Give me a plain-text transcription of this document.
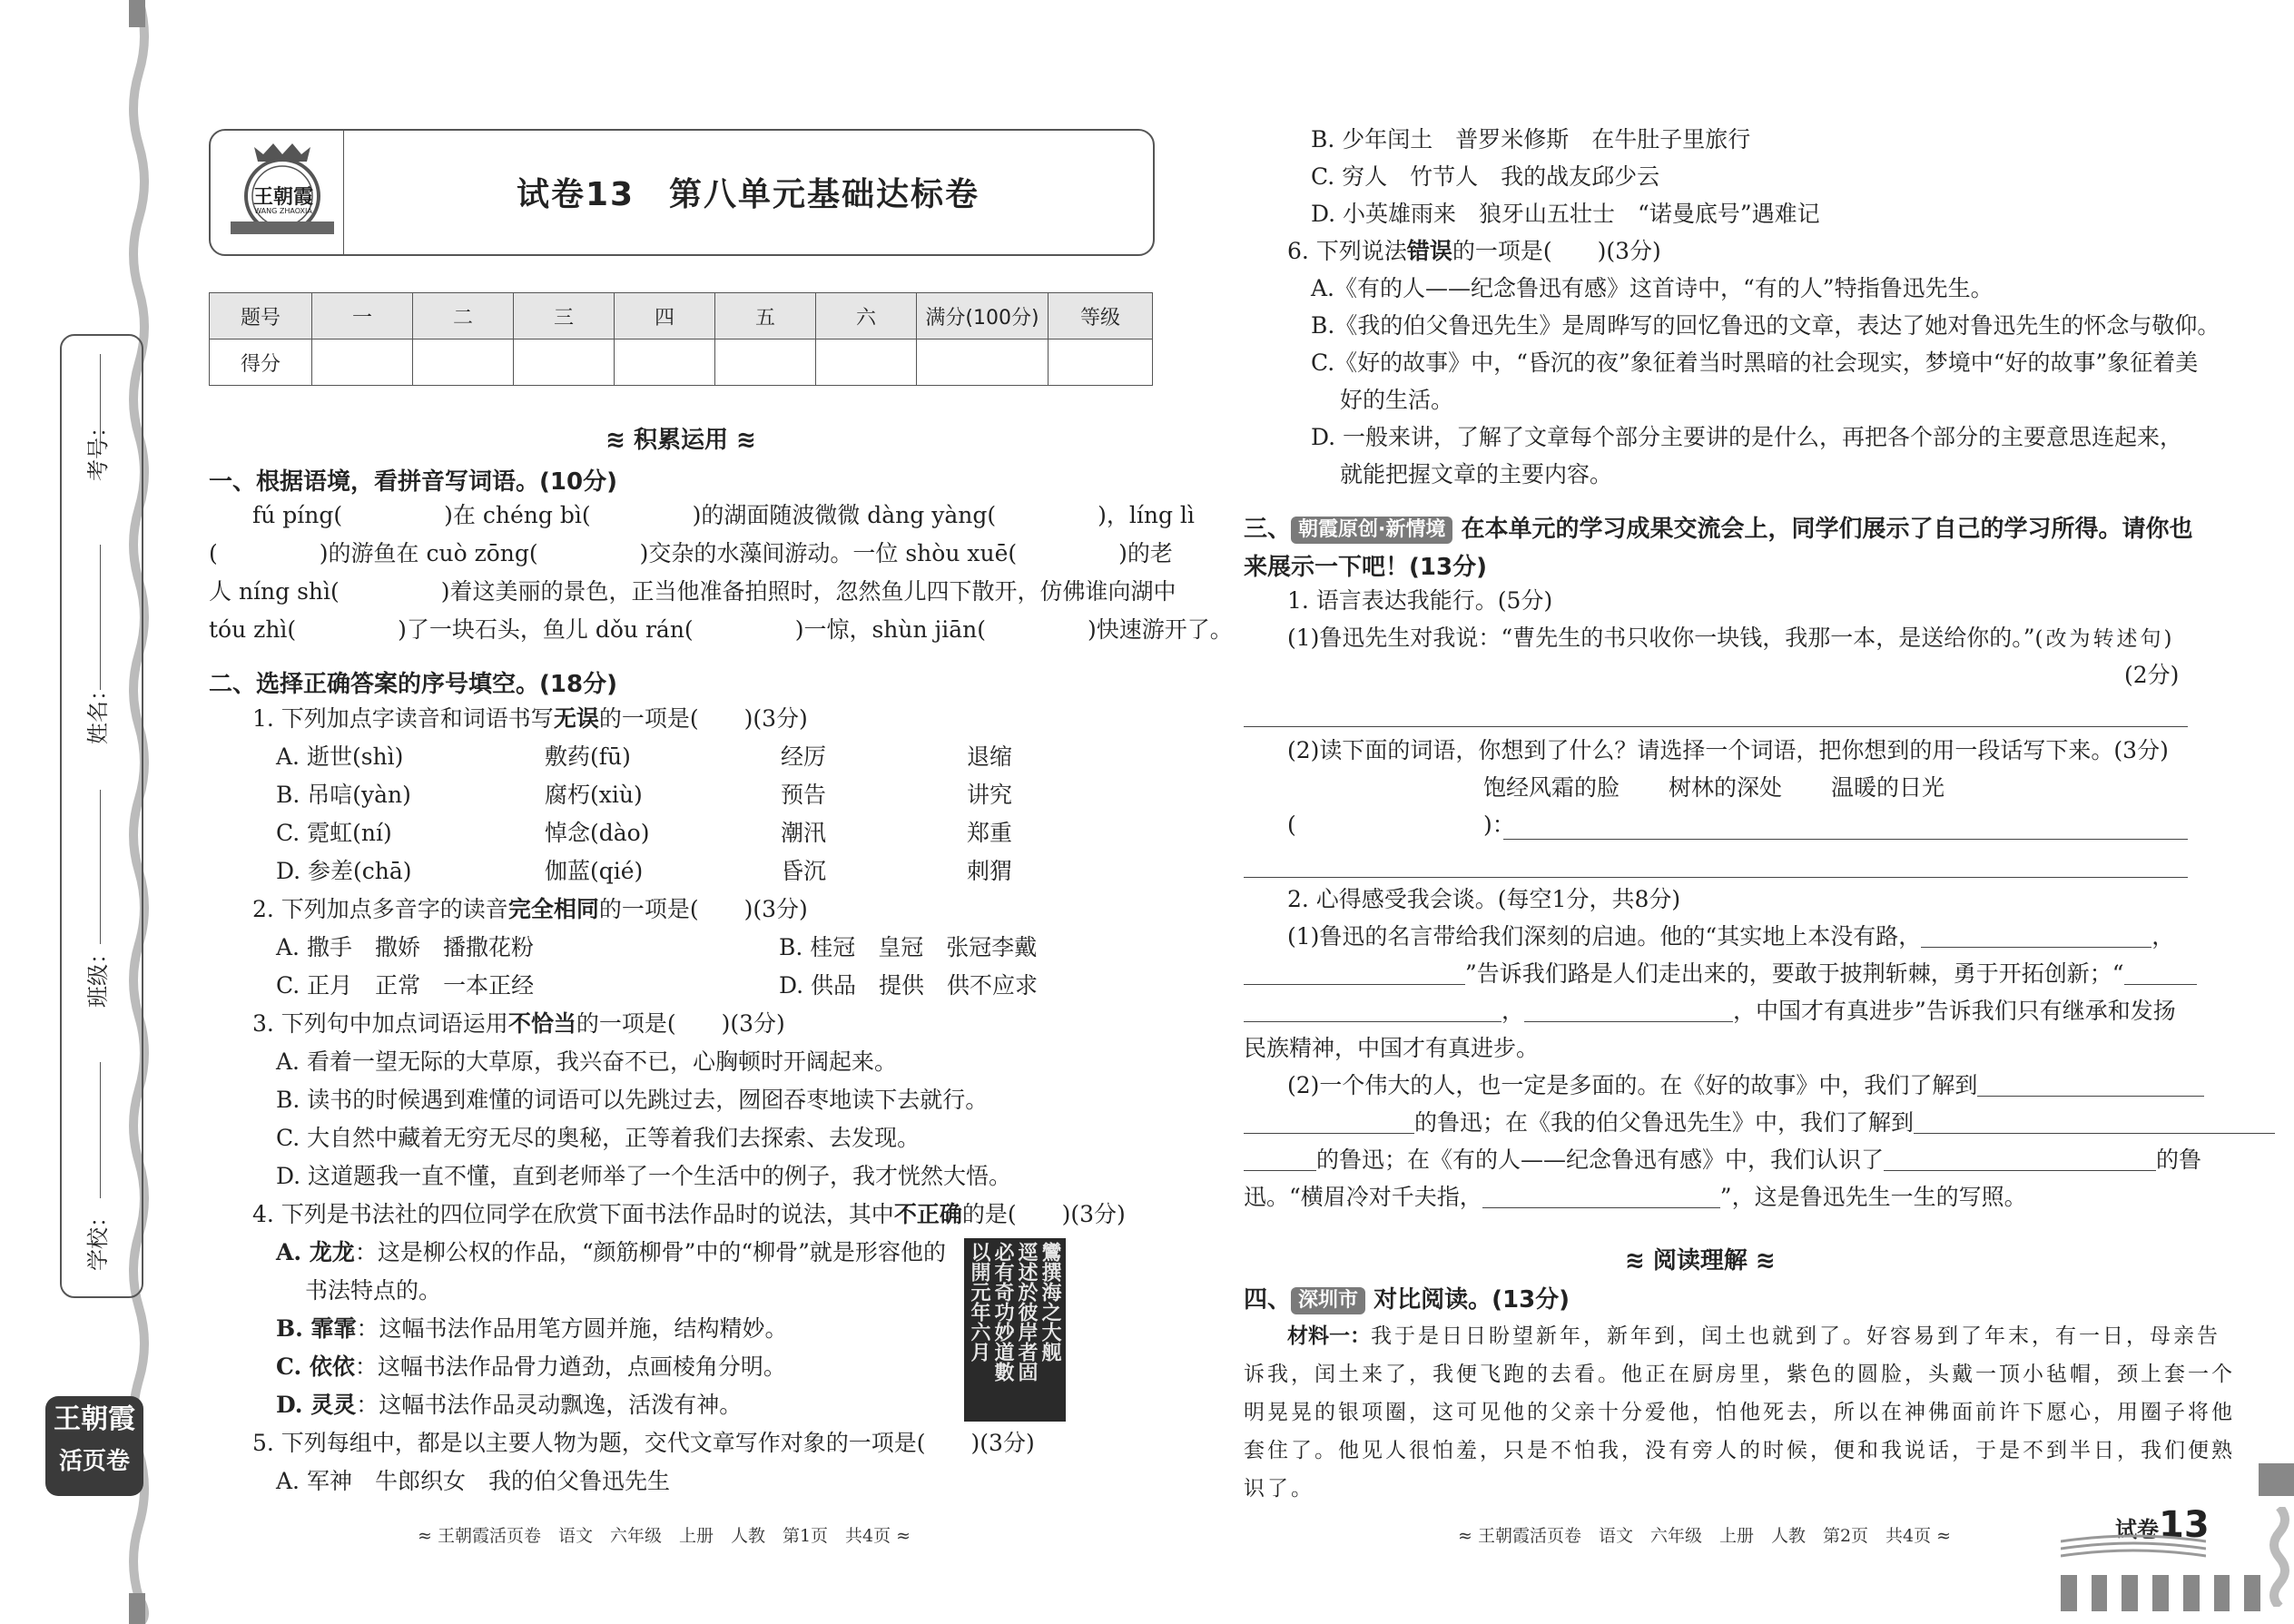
考号：
姓名：
班级：
学校：
王朝霞
活页卷
王朝霞
WANG ZHAOXIA	试卷13　第八单元基础达标卷
题号	一	二	三	四	五	六	满分(100分)	等级
得分								
≋ 积累运用 ≋
一、根据语境，看拼音写词语。(10分)
fú píng(	)在 chéng bì(	)的湖面随波微微 dàng yàng(	)，líng lì
(	)的游鱼在 cuò zōng(	)交杂的水藻间游动。一位 shòu xuē(	)的老
人 níng shì(	)着这美丽的景色，正当他准备拍照时，忽然鱼儿四下散开，仿佛谁向湖中
tóu zhì(	)了一块石头，鱼儿 dǒu rán(	)一惊，shùn jiān(	)快速游开了。
二、选择正确答案的序号填空。(18分)
1. 下列加点字读音和词语书写无误的一项是(　　)(3分)
A. 逝世(shì)	敷药(fū)	经厉	退缩
B. 吊唁(yàn)	腐朽(xiù)	预告	讲究
C. 霓虹(ní)	悼念(dào)	潮汛	郑重
D. 参差(chā)	伽蓝(qié)	昏沉	刺猬
2. 下列加点多音字的读音完全相同的一项是(　　)(3分)
A. 撒手　撒娇　播撒花粉	B. 桂冠　皇冠　张冠李戴
C. 正月　正常　一本正经	D. 供品　提供　供不应求
3. 下列句中加点词语运用不恰当的一项是(　　)(3分)
A. 看着一望无际的大草原，我兴奋不已，心胸顿时开阔起来。
B. 读书的时候遇到难懂的词语可以先跳过去，囫囵吞枣地读下去就行。
C. 大自然中藏着无穷无尽的奥秘，正等着我们去探索、去发现。
D. 这道题我一直不懂，直到老师举了一个生活中的例子，我才恍然大悟。
4. 下列是书法社的四位同学在欣赏下面书法作品时的说法，其中不正确的是(　　)(3分)
A. 龙龙：这是柳公权的作品，“颜筋柳骨”中的“柳骨”就是形容他的
书法特点的。
B. 霏霏：这幅书法作品用笔方圆并施，结构精妙。
C. 依依：这幅书法作品骨力遒劲，点画棱角分明。
D. 灵灵：这幅书法作品灵动飘逸，活泼有神。
鸞撰海之大舰
逕述於彼岸者固
必有奇功妙道數
以開元年六月
5. 下列每组中，都是以主要人物为题，交代文章写作对象的一项是(　　)(3分)
A. 军神　牛郎织女　我的伯父鲁迅先生
≈ 王朝霞活页卷　语文　六年级　上册　人教　第1页　共4页 ≈
B. 少年闰土　普罗米修斯　在牛肚子里旅行
C. 穷人　竹节人　我的战友邱少云
D. 小英雄雨来　狼牙山五壮士　“诺曼底号”遇难记
6. 下列说法错误的一项是(　　)(3分)
A.《有的人——纪念鲁迅有感》这首诗中，“有的人”特指鲁迅先生。
B.《我的伯父鲁迅先生》是周晔写的回忆鲁迅的文章，表达了她对鲁迅先生的怀念与敬仰。
C.《好的故事》中，“昏沉的夜”象征着当时黑暗的社会现实，梦境中“好的故事”象征着美
好的生活。
D. 一般来讲，了解了文章每个部分主要讲的是什么，再把各个部分的主要意思连起来，
就能把握文章的主要内容。
三、 朝霞原创·新情境 在本单元的学习成果交流会上，同学们展示了自己的学习所得。请你也
来展示一下吧！(13分)
1. 语言表达我能行。(5分)
(1)鲁迅先生对我说：“曹先生的书只收你一块钱，我那一本，是送给你的。”(改为转述句)
(2分)
(2)读下面的词语，你想到了什么？请选择一个词语，把你想到的用一段话写下来。(3分)
饱经风霜的脸 树林的深处 温暖的日光
(	)：
2. 心得感受我会谈。(每空1分，共8分)
(1)鲁迅的名言带给我们深刻的启迪。他的“其实地上本没有路，	，
”告诉我们路是人们走出来的，要敢于披荆斩棘，勇于开拓创新；“
，	，中国才有真进步”告诉我们只有继承和发扬
民族精神，中国才有真进步。
(2)一个伟大的人，也一定是多面的。在《好的故事》中，我们了解到
的鲁迅；在《我的伯父鲁迅先生》中，我们了解到
的鲁迅；在《有的人——纪念鲁迅有感》中，我们认识了	的鲁
迅。“横眉冷对千夫指，	”，这是鲁迅先生一生的写照。
≋ 阅读理解 ≋
四、 深圳市 对比阅读。(13分)
材料一：我于是日日盼望新年，新年到，闰土也就到了。好容易到了年末，有一日，母亲告
诉我，闰土来了，我便飞跑的去看。他正在厨房里，紫色的圆脸，头戴一顶小毡帽，颈上套一个
明晃晃的银项圈，这可见他的父亲十分爱他，怕他死去，所以在神佛面前许下愿心，用圈子将他
套住了。他见人很怕羞，只是不怕我，没有旁人的时候，便和我说话，于是不到半日，我们便熟
识了。
≈ 王朝霞活页卷　语文　六年级　上册　人教　第2页　共4页 ≈	试卷13
